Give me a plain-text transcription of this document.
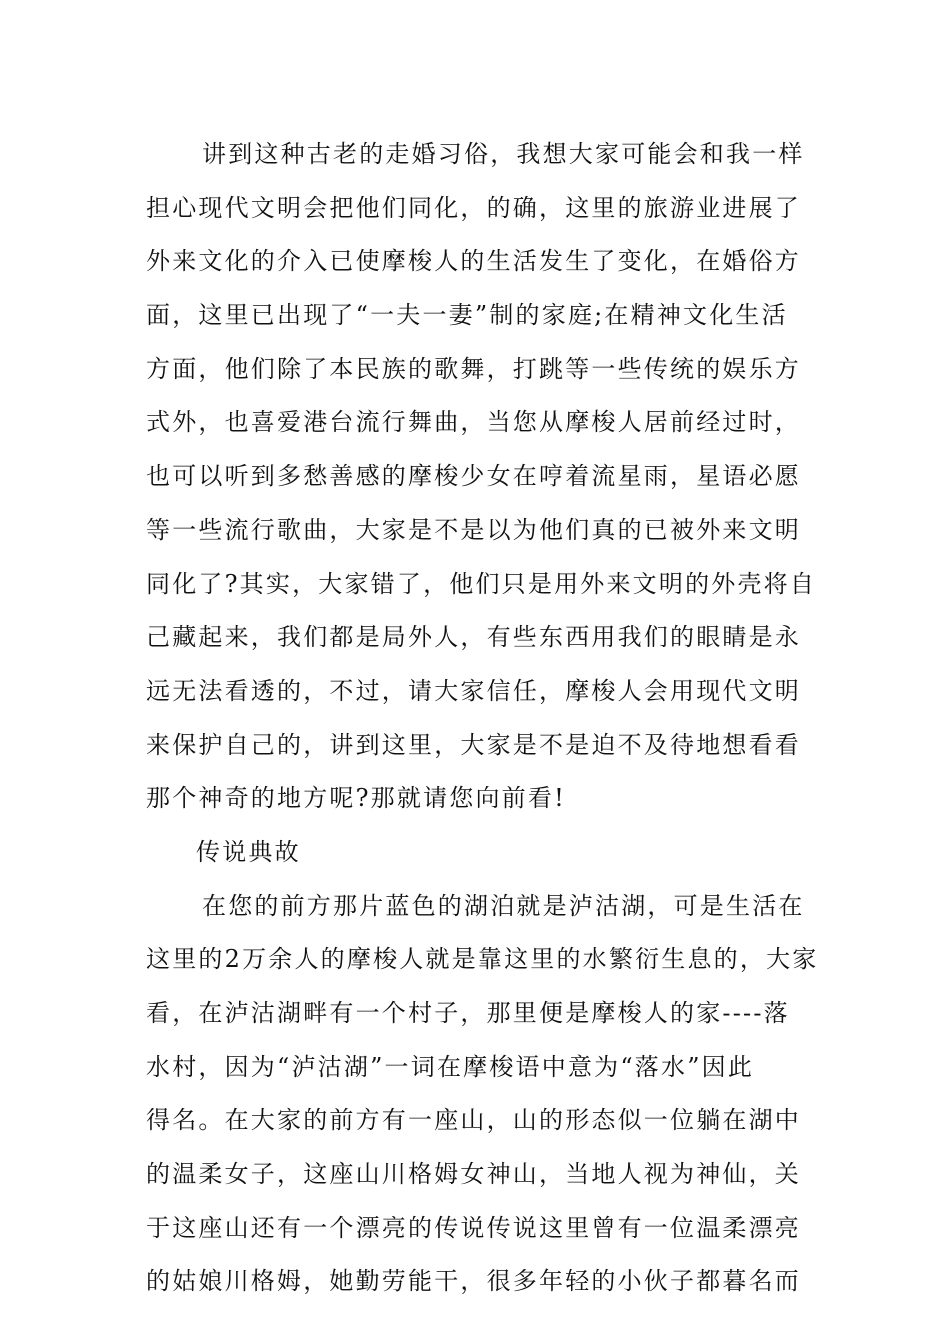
讲到这种古老的走婚习俗，我想大家可能会和我一样
担心现代文明会把他们同化，的确，这里的旅游业进展了
外来文化的介入已使摩梭人的生活发生了变化，在婚俗方
面，这里已出现了“一夫一妻”制的家庭;在精神文化生活
方面，他们除了本民族的歌舞，打跳等一些传统的娱乐方
式外，也喜爱港台流行舞曲，当您从摩梭人居前经过时，
也可以听到多愁善感的摩梭少女在哼着流星雨，星语必愿
等一些流行歌曲，大家是不是以为他们真的已被外来文明
同化了?其实，大家错了，他们只是用外来文明的外壳将自
己藏起来，我们都是局外人，有些东西用我们的眼睛是永
远无法看透的，不过，请大家信任，摩梭人会用现代文明
来保护自己的，讲到这里，大家是不是迫不及待地想看看
那个神奇的地方呢?那就请您向前看!
传说典故
在您的前方那片蓝色的湖泊就是泸沽湖，可是生活在
这里的2万余人的摩梭人就是靠这里的水繁衍生息的，大家
看，在泸沽湖畔有一个村子，那里便是摩梭人的家----落
水村，因为“泸沽湖”一词在摩梭语中意为“落水”因此
得名。在大家的前方有一座山，山的形态似一位躺在湖中
的温柔女子，这座山川格姆女神山，当地人视为神仙，关
于这座山还有一个漂亮的传说传说这里曾有一位温柔漂亮
的姑娘川格姆，她勤劳能干，很多年轻的小伙子都暮名而
